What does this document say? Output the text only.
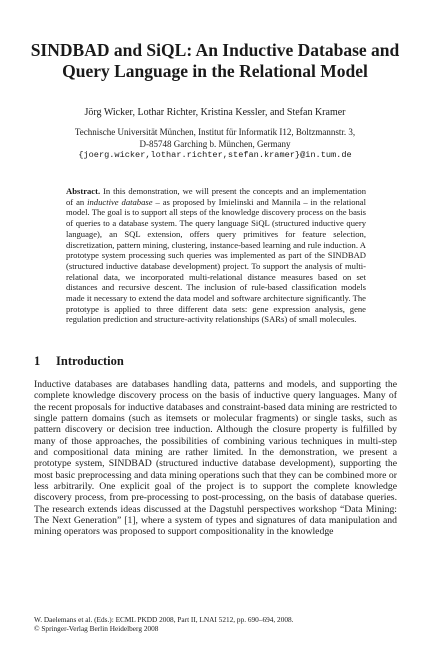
SINDBAD and SiQL: An Inductive Database and Query Language in the Relational Model
Jörg Wicker, Lothar Richter, Kristina Kessler, and Stefan Kramer
Technische Universität München, Institut für Informatik I12, Boltzmannstr. 3,
D-85748 Garching b. München, Germany
{joerg.wicker,lothar.richter,stefan.kramer}@in.tum.de
Abstract. In this demonstration, we will present the concepts and an implementation of an inductive database – as proposed by Imielinski and Mannila – in the relational model. The goal is to support all steps of the knowledge discovery process on the basis of queries to a database system. The query language SiQL (structured inductive query language), an SQL extension, offers query primitives for feature selection, discretization, pattern mining, clustering, instance-based learning and rule induction. A prototype system processing such queries was implemented as part of the SINDBAD (structured inductive database development) project. To support the analysis of multi-relational data, we incorporated multi-relational distance measures based on set distances and recursive descent. The inclusion of rule-based classification models made it necessary to extend the data model and software architecture significantly. The prototype is applied to three different data sets: gene expression analysis, gene regulation prediction and structure-activity relationships (SARs) of small molecules.
1 Introduction
Inductive databases are databases handling data, patterns and models, and supporting the complete knowledge discovery process on the basis of inductive query languages. Many of the recent proposals for inductive databases and constraint-based data mining are restricted to single pattern domains (such as itemsets or molecular fragments) or single tasks, such as pattern discovery or decision tree induction. Although the closure property is fulfilled by many of those approaches, the possibilities of combining various techniques in multi-step and compositional data mining are rather limited. In the demonstration, we present a prototype system, SINDBAD (structured inductive database development), supporting the most basic preprocessing and data mining operations such that they can be combined more or less arbitrarily. One explicit goal of the project is to support the complete knowledge discovery process, from pre-processing to post-processing, on the basis of database queries. The research extends ideas discussed at the Dagstuhl perspectives workshop “Data Mining: The Next Generation” [1], where a system of types and signatures of data manipulation and mining operators was proposed to support compositionality in the knowledge
W. Daelemans et al. (Eds.): ECML PKDD 2008, Part II, LNAI 5212, pp. 690–694, 2008.
© Springer-Verlag Berlin Heidelberg 2008
